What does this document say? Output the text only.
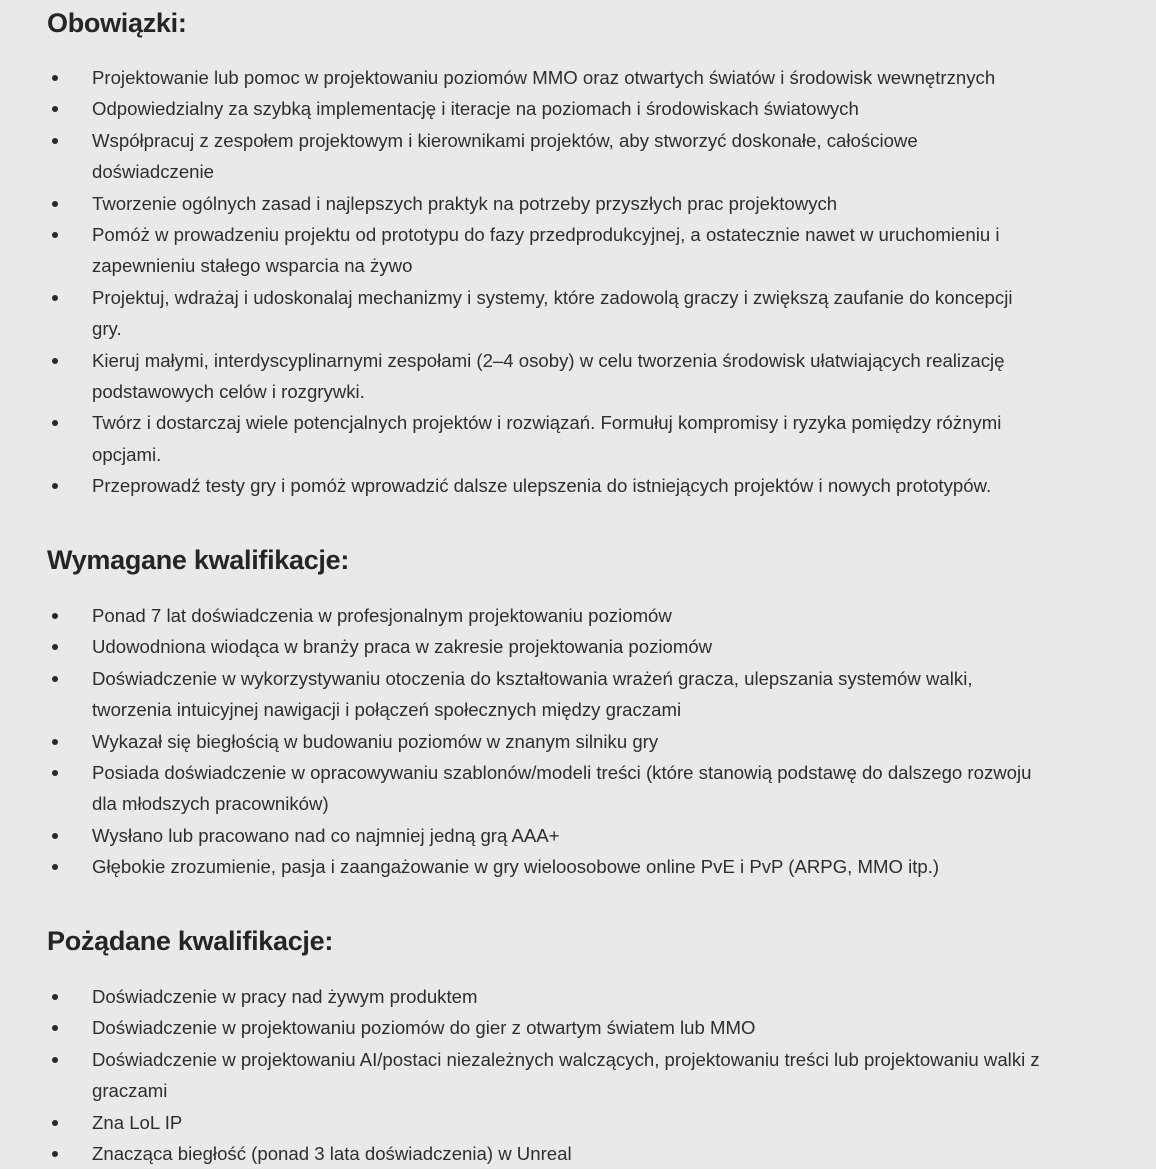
Obowiązki:
Projektowanie lub pomoc w projektowaniu poziomów MMO oraz otwartych światów i środowisk wewnętrznych
Odpowiedzialny za szybką implementację i iteracje na poziomach i środowiskach światowych
Współpracuj z zespołem projektowym i kierownikami projektów, aby stworzyć doskonałe, całościowe doświadczenie
Tworzenie ogólnych zasad i najlepszych praktyk na potrzeby przyszłych prac projektowych
Pomóż w prowadzeniu projektu od prototypu do fazy przedprodukcyjnej, a ostatecznie nawet w uruchomieniu i zapewnieniu stałego wsparcia na żywo
Projektuj, wdrażaj i udoskonalaj mechanizmy i systemy, które zadowolą graczy i zwiększą zaufanie do koncepcji gry.
Kieruj małymi, interdyscyplinarnymi zespołami (2–4 osoby) w celu tworzenia środowisk ułatwiających realizację podstawowych celów i rozgrywki.
Twórz i dostarczaj wiele potencjalnych projektów i rozwiązań. Formułuj kompromisy i ryzyka pomiędzy różnymi opcjami.
Przeprowadź testy gry i pomóż wprowadzić dalsze ulepszenia do istniejących projektów i nowych prototypów.
Wymagane kwalifikacje:
Ponad 7 lat doświadczenia w profesjonalnym projektowaniu poziomów
Udowodniona wiodąca w branży praca w zakresie projektowania poziomów
Doświadczenie w wykorzystywaniu otoczenia do kształtowania wrażeń gracza, ulepszania systemów walki, tworzenia intuicyjnej nawigacji i połączeń społecznych między graczami
Wykazał się biegłością w budowaniu poziomów w znanym silniku gry
Posiada doświadczenie w opracowywaniu szablonów/modeli treści (które stanowią podstawę do dalszego rozwoju dla młodszych pracowników)
Wysłano lub pracowano nad co najmniej jedną grą AAA+
Głębokie zrozumienie, pasja i zaangażowanie w gry wieloosobowe online PvE i PvP (ARPG, MMO itp.)
Pożądane kwalifikacje:
Doświadczenie w pracy nad żywym produktem
Doświadczenie w projektowaniu poziomów do gier z otwartym światem lub MMO
Doświadczenie w projektowaniu AI/postaci niezależnych walczących, projektowaniu treści lub projektowaniu walki z graczami
Zna LoL IP
Znacząca biegłość (ponad 3 lata doświadczenia) w Unreal
